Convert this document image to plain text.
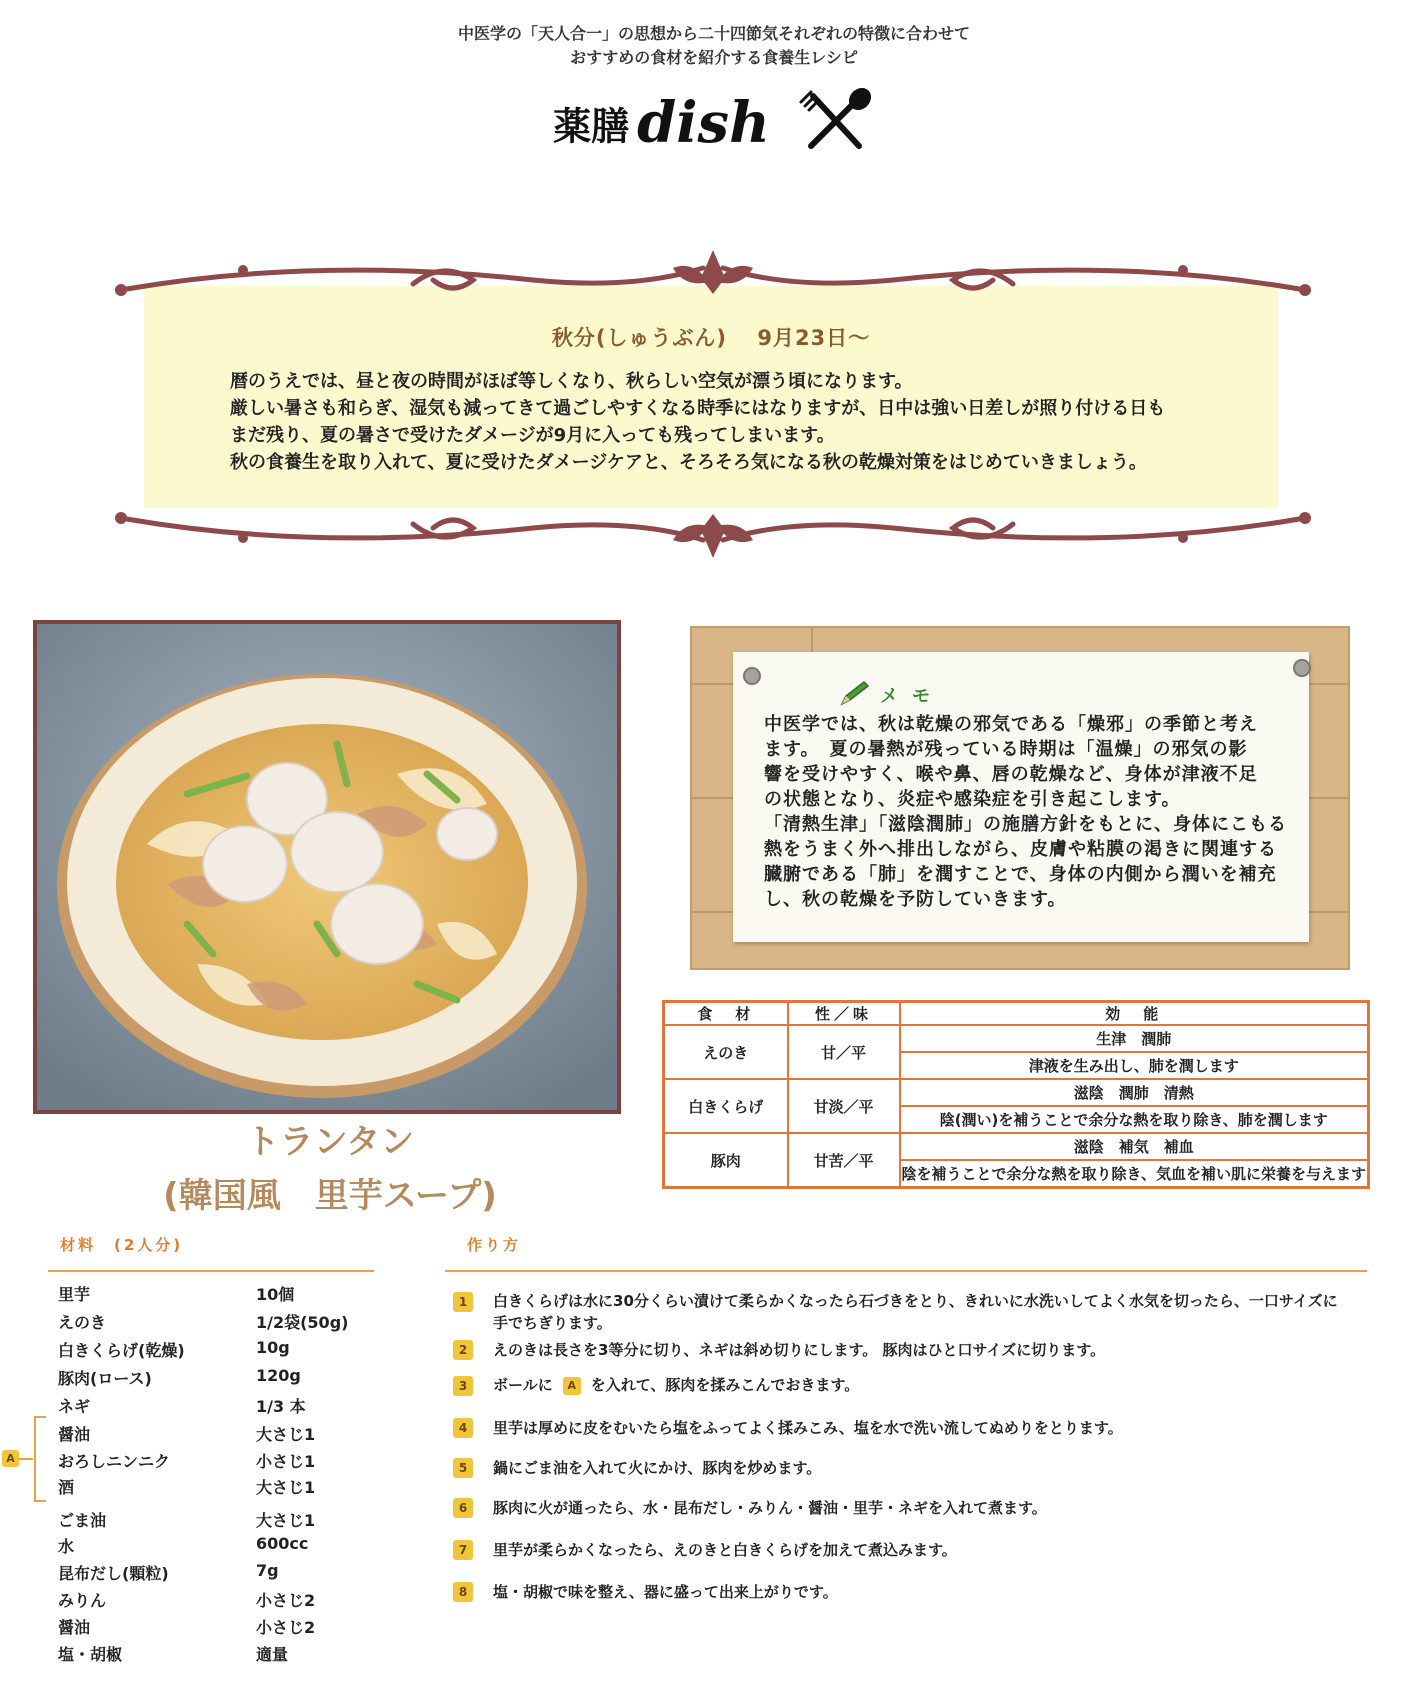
中医学の「天人合一」の思想から二十四節気それぞれの特徴に合わせて
おすすめの食材を紹介する食養生レシピ
薬膳 dish
秋分(しゅうぶん)　 9月23日～
暦のうえでは、昼と夜の時間がほぼ等しくなり、秋らしい空気が漂う頃になります。
厳しい暑さも和らぎ、湿気も減ってきて過ごしやすくなる時季にはなりますが、日中は強い日差しが照り付ける日も
まだ残り、夏の暑さで受けたダメージが9月に入っても残ってしまいます。
秋の食養生を取り入れて、夏に受けたダメージケアと、そろそろ気になる秋の乾燥対策をはじめていきましょう。
トランタン
(韓国風　里芋スープ)
メモ
中医学では、秋は乾燥の邪気である「燥邪」の季節と考え
ます。　夏の暑熱が残っている時期は「温燥」の邪気の影
響を受けやすく、喉や鼻、唇の乾燥など、身体が津液不足
の状態となり、炎症や感染症を引き起こします。
「清熱生津」「滋陰潤肺」の施膳方針をもとに、身体にこもる
熱をうまく外へ排出しながら、皮膚や粘膜の渇きに関連する
臓腑である「肺」を潤すことで、身体の内側から潤いを補充
し、秋の乾燥を予防していきます。
食　材	性／味	効　能
えのき	甘／平	生津　潤肺
		津液を生み出し、肺を潤します
白きくらげ	甘淡／平	滋陰　潤肺　清熱
		陰(潤い)を補うことで余分な熱を取り除き、肺を潤します
豚肉	甘苦／平	滋陰　補気　補血
		陰を補うことで余分な熱を取り除き、気血を補い肌に栄養を与えます
材料　(2人分)
里芋	10個
えのき	1/2袋(50g)
白きくらげ(乾燥)	10g
豚肉(ロース)	120g
ネギ	1/3 本
醤油	大さじ1
おろしニンニク	小さじ1
酒	大さじ1
ごま油	大さじ1
水	600cc
昆布だし(顆粒)	7g
みりん	小さじ2
醤油	小さじ2
塩・胡椒	適量
A
作り方
1	白きくらげは水に30分くらい漬けて柔らかくなったら石づきをとり、きれいに水洗いしてよく水気を切ったら、一口サイズに
手でちぎります。
2	えのきは長さを3等分に切り、ネギは斜め切りにします。 豚肉はひと口サイズに切ります。
3	ボールに A を入れて、豚肉を揉みこんでおきます。
4	里芋は厚めに皮をむいたら塩をふってよく揉みこみ、塩を水で洗い流してぬめりをとります。
5	鍋にごま油を入れて火にかけ、豚肉を炒めます。
6	豚肉に火が通ったら、水・昆布だし・みりん・醤油・里芋・ネギを入れて煮ます。
7	里芋が柔らかくなったら、えのきと白きくらげを加えて煮込みます。
8	塩・胡椒で味を整え、器に盛って出来上がりです。
